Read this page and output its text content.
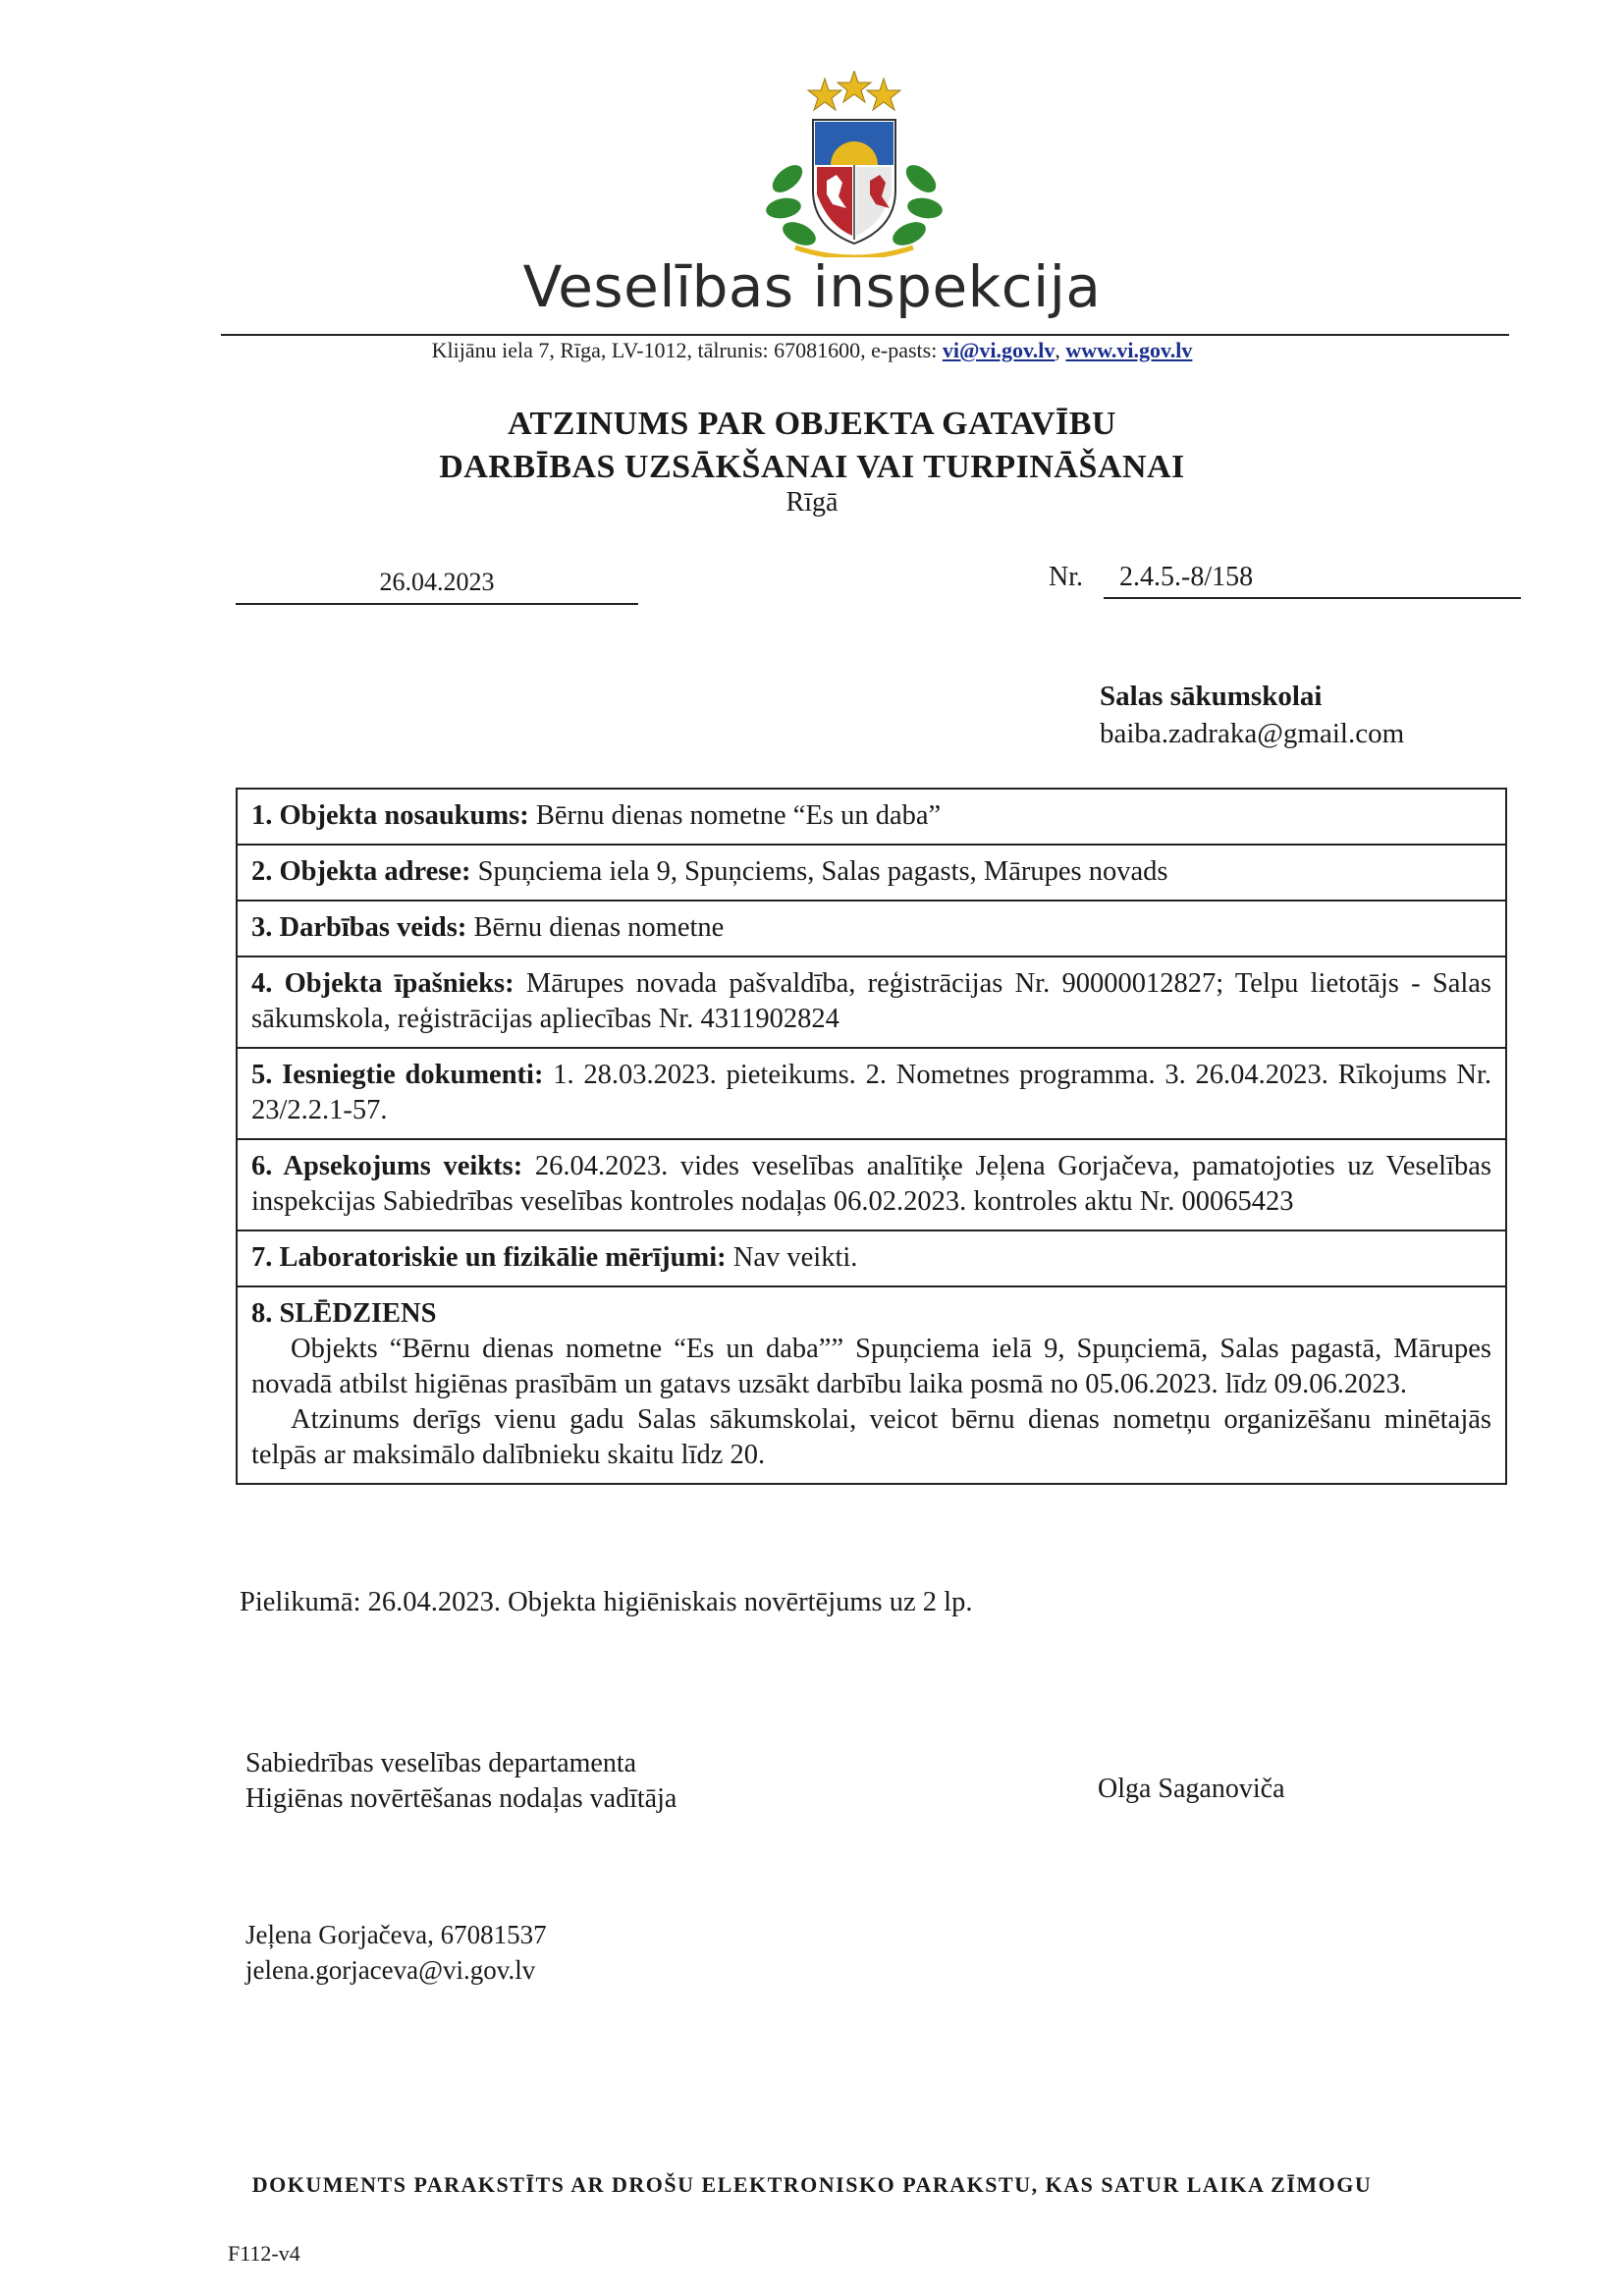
Veselības inspekcija
Klijānu iela 7, Rīga, LV-1012, tālrunis: 67081600, e-pasts: vi@vi.gov.lv, www.vi.gov.lv
ATZINUMS PAR OBJEKTA GATAVĪBU
DARBĪBAS UZSĀKŠANAI VAI TURPINĀŠANAI
Rīgā
26.04.2023	Nr.	2.4.5.-8/158
Salas sākumskolai
baiba.zadraka@gmail.com
1. Objekta nosaukums: Bērnu dienas nometne “Es un daba”
2. Objekta adrese: Spuņciema iela 9, Spuņciems, Salas pagasts, Mārupes novads
3. Darbības veids: Bērnu dienas nometne
4. Objekta īpašnieks: Mārupes novada pašvaldība, reģistrācijas Nr. 90000012827; Telpu lietotājs - Salas sākumskola, reģistrācijas apliecības Nr. 4311902824
5. Iesniegtie dokumenti: 1. 28.03.2023. pieteikums. 2. Nometnes programma. 3. 26.04.2023. Rīkojums Nr. 23/2.2.1-57.
6. Apsekojums veikts: 26.04.2023. vides veselības analītiķe Jeļena Gorjačeva, pamatojoties uz Veselības inspekcijas Sabiedrības veselības kontroles nodaļas 06.02.2023. kontroles aktu Nr. 00065423
7. Laboratoriskie un fizikālie mērījumi: Nav veikti.

8. SLĒDZIENS
Objekts “Bērnu dienas nometne “Es un daba”” Spuņciema ielā 9, Spuņciemā, Salas pagastā, Mārupes novadā atbilst higiēnas prasībām un gatavs uzsākt darbību laika posmā no 05.06.2023. līdz 09.06.2023.
Atzinums derīgs vienu gadu Salas sākumskolai, veicot bērnu dienas nometņu organizēšanu minētajās telpās ar maksimālo dalībnieku skaitu līdz 20.
Pielikumā: 26.04.2023. Objekta higiēniskais novērtējums uz 2 lp.
Sabiedrības veselības departamenta
Higiēnas novērtēšanas nodaļas vadītāja	Olga Saganoviča
Jeļena Gorjačeva, 67081537
jelena.gorjaceva@vi.gov.lv
DOKUMENTS PARAKSTĪTS AR DROŠU ELEKTRONISKO PARAKSTU, KAS SATUR LAIKA ZĪMOGU
F112-v4
